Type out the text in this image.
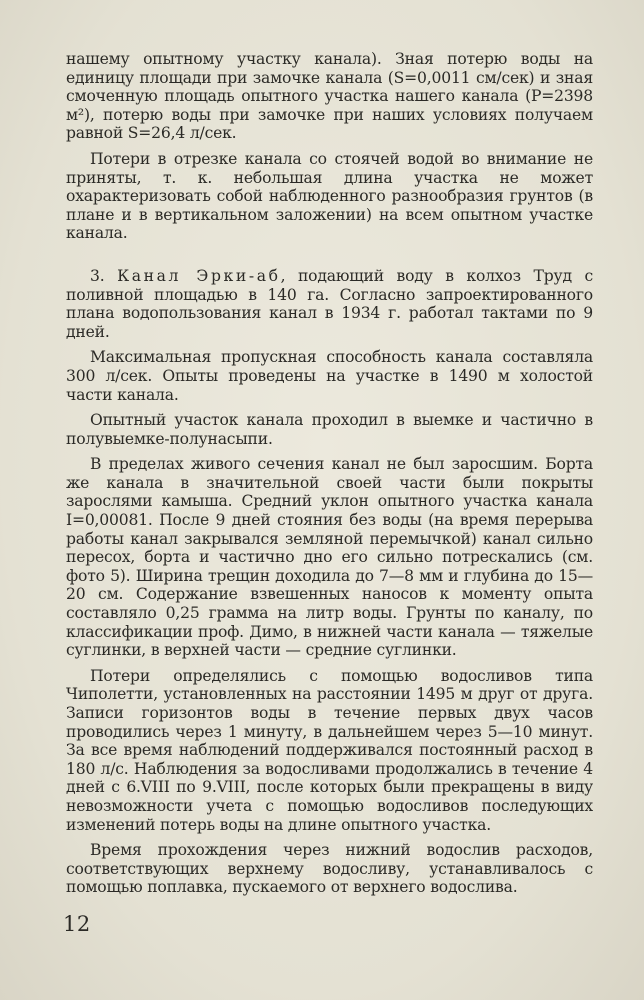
нашему опытному участку канала). Зная потерю воды на единицу площади при замочке канала (S=0,0011 см/сек) и зная смоченную площадь опытного участка нашего канала (P=2398 м²), потерю воды при замочке при наших условиях получаем равной S=26,4 л/сек.

Потери в отрезке канала со стоячей водой во внимание не приняты, т. к. небольшая длина участка не может охарактеризовать собой наблюденного разнообразия грунтов (в плане и в вертикальном заложении) на всем опытном участке канала.

3. Канал Эрки-аб, подающий воду в колхоз Труд с поливной площадью в 140 га. Согласно запроектированного плана водопользования канал в 1934 г. работал тактами по 9 дней.

Максимальная пропускная способность канала составляла 300 л/сек. Опыты проведены на участке в 1490 м холостой части канала.

Опытный участок канала проходил в выемке и частично в полувыемке-полунасыпи.

В пределах живого сечения канал не был заросшим. Борта же канала в значительной своей части были покрыты зарослями камыша. Средний уклон опытного участка канала I=0,00081. После 9 дней стояния без воды (на время перерыва работы канал закрывался земляной перемычкой) канал сильно пересох, борта и частично дно его сильно потрескались (см. фото 5). Ширина трещин доходила до 7—8 мм и глубина до 15—20 см. Содержание взвешенных наносов к моменту опыта составляло 0,25 грамма на литр воды. Грунты по каналу, по классификации проф. Димо, в нижней части канала — тяжелые суглинки, в верхней части — средние суглинки.

Потери определялись с помощью водосливов типа Чиполетти, установленных на расстоянии 1495 м друг от друга. Записи горизонтов воды в течение первых двух часов проводились через 1 минуту, в дальнейшем через 5—10 минут. За все время наблюдений поддерживался постоянный расход в 180 л/с. Наблюдения за водосливами продолжались в течение 4 дней с 6.VIII по 9.VIII, после которых были прекращены в виду невозможности учета с помощью водосливов последующих изменений потерь воды на длине опытного участка.

Время прохождения через нижний водослив расходов, соответствующих верхнему водосливу, устанавливалось с помощью поплавка, пускаемого от верхнего водослива.

12
